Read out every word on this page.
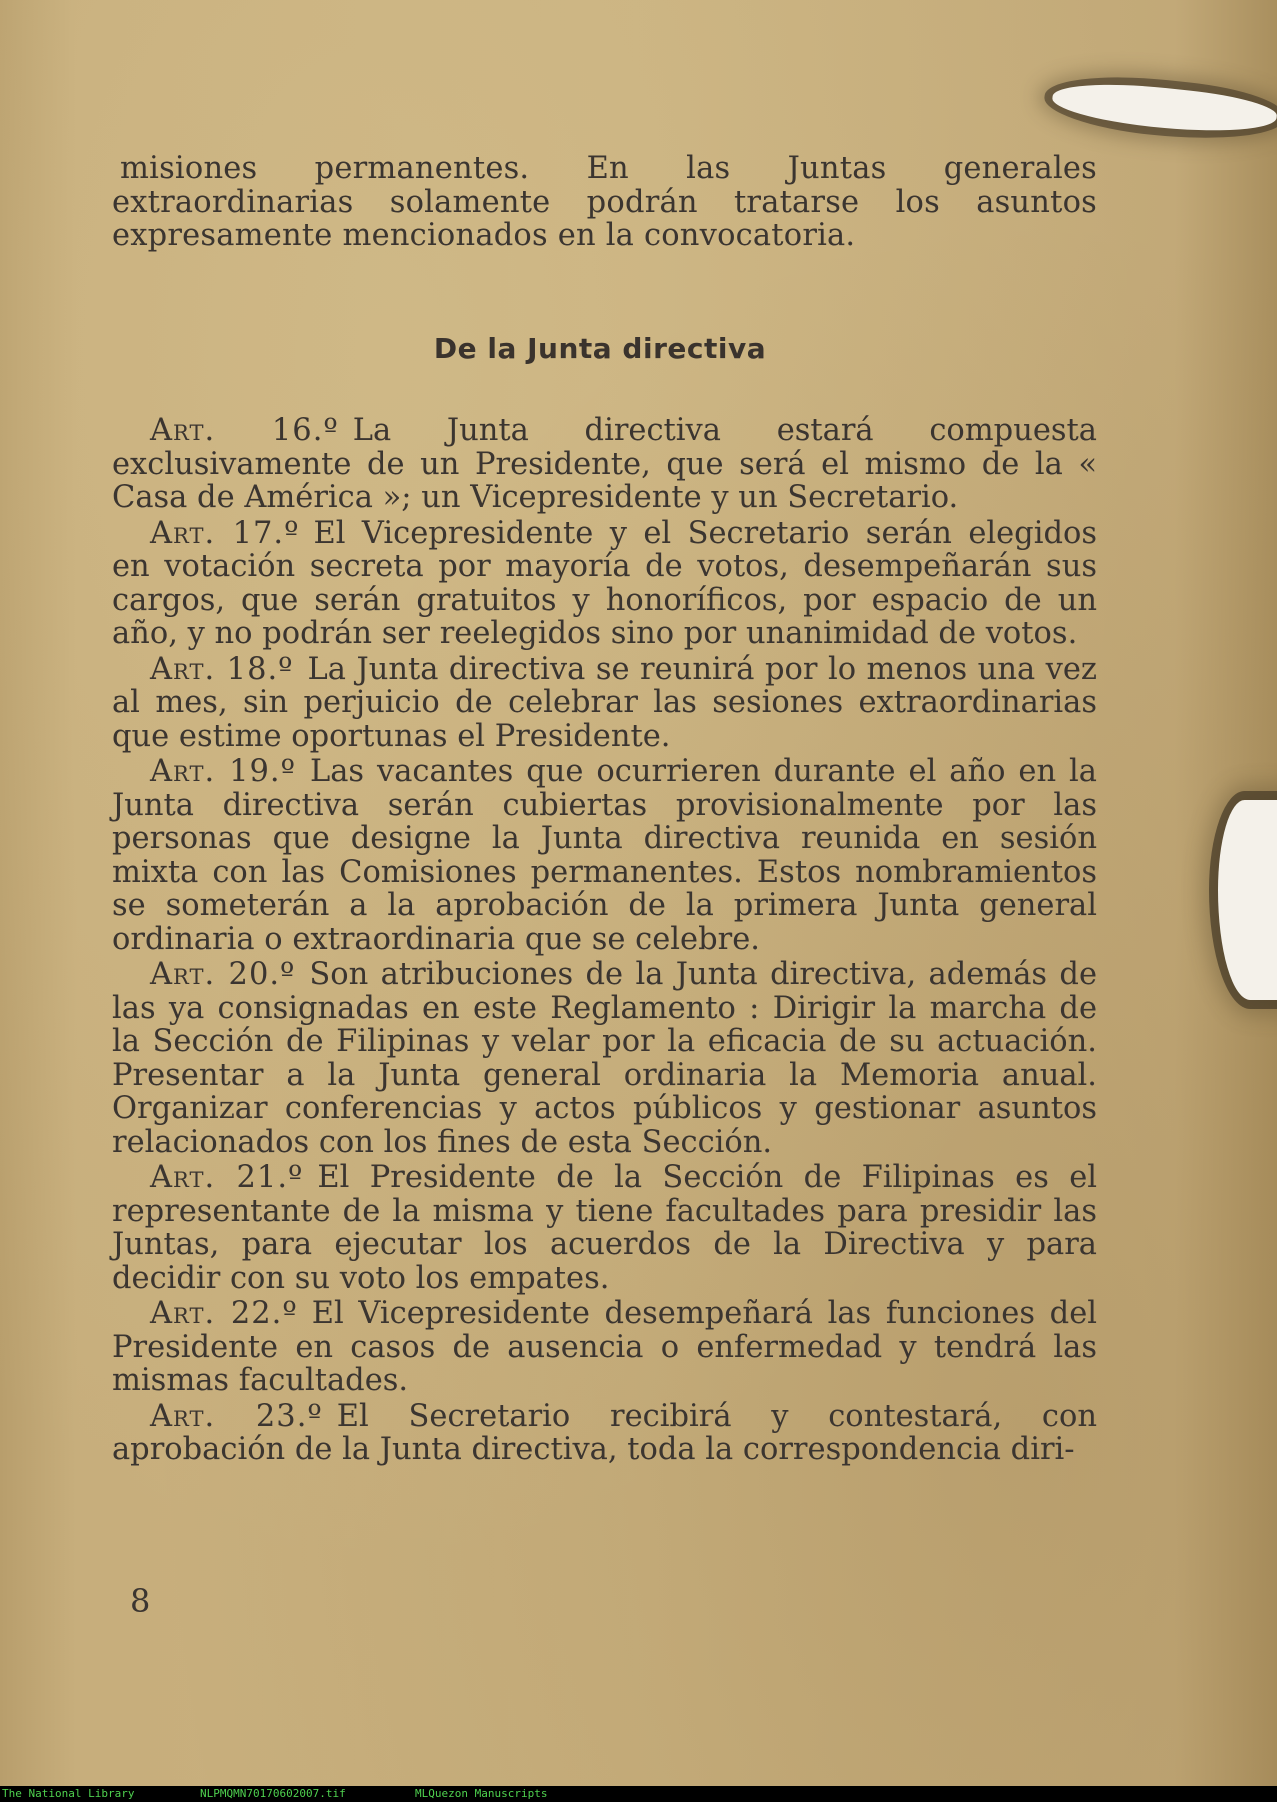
misiones permanentes. En las Juntas generales extraordinarias solamente podrán tratarse los asuntos expresamente mencionados en la convocatoria.

De la Junta directiva

Art. 16.º La Junta directiva estará compuesta exclusivamente de un Presidente, que será el mismo de la « Casa de América »; un Vicepresidente y un Secretario.

Art. 17.º El Vicepresidente y el Secretario serán elegidos en votación secreta por mayoría de votos, desempeñarán sus cargos, que serán gratuitos y honoríficos, por espacio de un año, y no podrán ser reelegidos sino por unanimidad de votos.

Art. 18.º La Junta directiva se reunirá por lo menos una vez al mes, sin perjuicio de celebrar las sesiones extraordinarias que estime oportunas el Presidente.

Art. 19.º Las vacantes que ocurrieren durante el año en la Junta directiva serán cubiertas provisionalmente por las personas que designe la Junta directiva reunida en sesión mixta con las Comisiones permanentes. Estos nombramientos se someterán a la aprobación de la primera Junta general ordinaria o extraordinaria que se celebre.

Art. 20.º Son atribuciones de la Junta directiva, además de las ya consignadas en este Reglamento : Dirigir la marcha de la Sección de Filipinas y velar por la eficacia de su actuación. Presentar a la Junta general ordinaria la Memoria anual. Organizar conferencias y actos públicos y gestionar asuntos relacionados con los fines de esta Sección.

Art. 21.º El Presidente de la Sección de Filipinas es el representante de la misma y tiene facultades para presidir las Juntas, para ejecutar los acuerdos de la Directiva y para decidir con su voto los empates.

Art. 22.º El Vicepresidente desempeñará las funciones del Presidente en casos de ausencia o enfermedad y tendrá las mismas facultades.

Art. 23.º El Secretario recibirá y contestará, con aprobación de la Junta directiva, toda la correspondencia diri-

8
The National Library	NLPMQMN70170602007.tif	MLQuezon Manuscripts
